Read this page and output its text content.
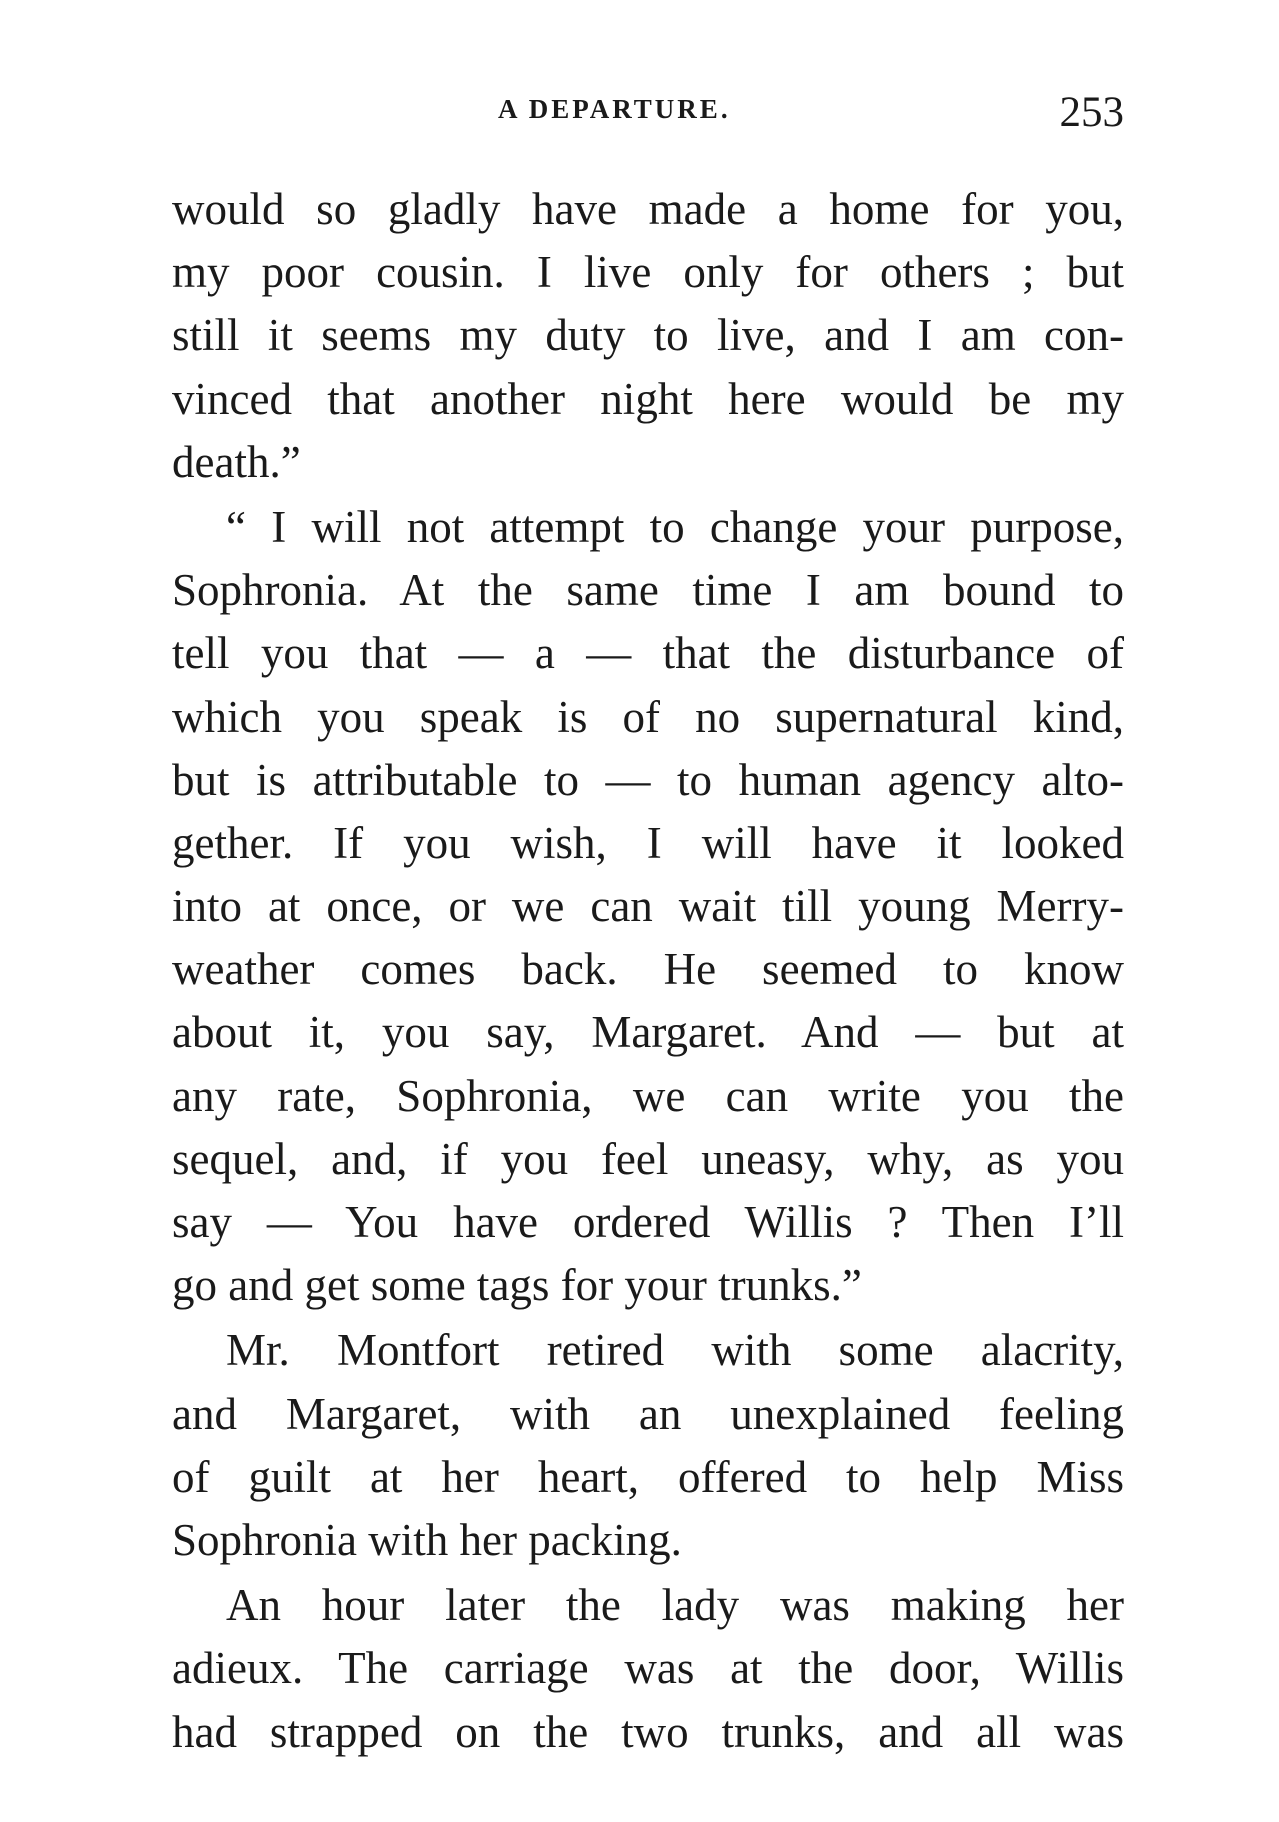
A DEPARTURE.	253
would so gladly have made a home for you,
my poor cousin. I live only for others ; but
still it seems my duty to live, and I am con-
vinced that another night here would be my
death.”
“ I will not attempt to change your purpose,
Sophronia. At the same time I am bound to
tell you that — a — that the disturbance of
which you speak is of no supernatural kind,
but is attributable to — to human agency alto-
gether. If you wish, I will have it looked
into at once, or we can wait till young Merry-
weather comes back. He seemed to know
about it, you say, Margaret. And — but at
any rate, Sophronia, we can write you the
sequel, and, if you feel uneasy, why, as you
say — You have ordered Willis ? Then I’ll
go and get some tags for your trunks.”
Mr. Montfort retired with some alacrity,
and Margaret, with an unexplained feeling
of guilt at her heart, offered to help Miss
Sophronia with her packing.
An hour later the lady was making her
adieux. The carriage was at the door, Willis
had strapped on the two trunks, and all was
